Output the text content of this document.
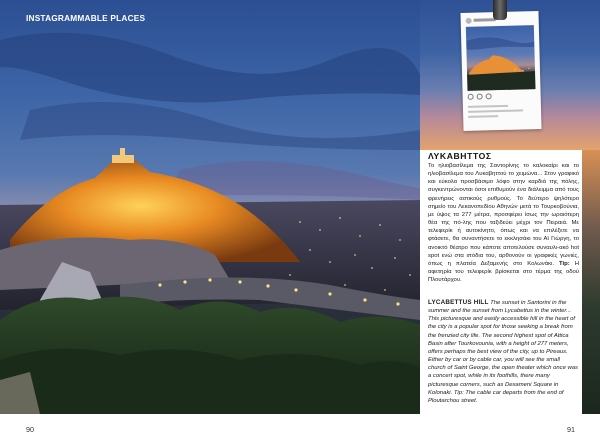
INSTAGRAMMABLE PLACES
ΛΥΚΑΒΗΤΤΟΣ
Το ηλιοβασίλεμα της Σαντορίνης το καλοκαίρι και το ηλιοβασίλεμα του Λυκαβηττού το χειμώνα... Στον γραφικό και εύκολα προσβάσιμο λόφο στην καρδιά της πόλης, συγκεντρώνονται όσοι επιθυμούν ένα διάλειμμα από τους φρενήρεις αστικούς ρυθμούς. Το δεύτερο ψηλότερο σημείο του Λεκανοπεδίου Αθηνών μετά το Τουρκοβούνια, με ύψος τα 277 μέτρα, προσφέρει ίσως την ωραιότερη θέα της πό-λης που ταξιδεύει μέχρι τον Πειραιά. Με τελεφερίκ ή αυτοκίνητο, όπως και να επιλέξετε να φτάσετε, θα συναντήσετε το εκκλησάκι του Αϊ Γιώργη, το ανοικτό θέατρο που κάποτε αποτελούσε συναυλι-ακό hot spot ενώ στα ιπόδια του, αρθονούν οι γραφικές γωνιές, όπως η πλατεία Δεξαμενής στο Κολωνάκι. Tip: Η αφετηρία του τελεφερίκ βρίσκεται στο τέρμα της οδού Πλουτάρχου.
LYCABETTUS HILL The sunset in Santorini in the summer and the sunset from Lycabettus in the winter... This picturesque and easily accessible hill in the heart of the city is a popular spot for those seeking a break from the frenzied city life. The second highest spot of Attica Basin after Tourkovounia, with a height of 277 meters, offers perhaps the best view of the city, up to Pireaus. Either by car or by cable car, you will see the small church of Saint George, the open theater which once was a concert spot, while in its foothills, there many picturesque corners, such as Dexameni Square in Kolonaki. Tip: The cable car departs from the end of Ploutarchou street.
90	91
